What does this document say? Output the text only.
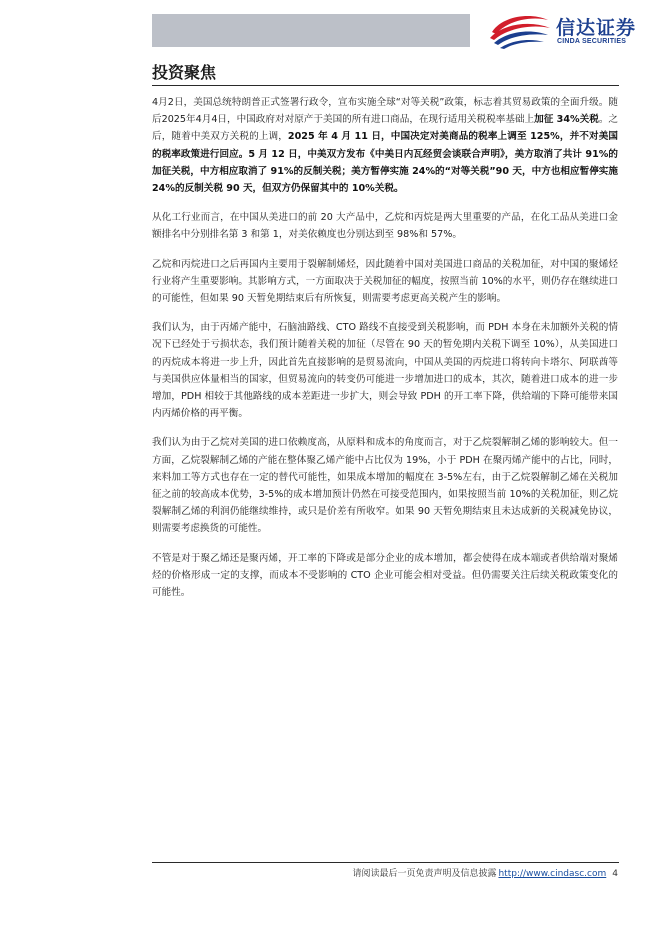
信达证券
CINDA SECURITIES
投资聚焦

4月2日，美国总统特朗普正式签署行政令，宣布实施全球“对等关税”政策，标志着其贸易政策的全面升级。随后2025年4月4日，中国政府对对原产于美国的所有进口商品，在现行适用关税税率基础上加征 34%关税。之后，随着中美双方关税的上调，2025 年 4 月 11 日，中国决定对美商品的税率上调至 125%，并不对美国的税率政策进行回应。5 月 12 日，中美双方发布《中美日内瓦经贸会谈联合声明》，美方取消了共计 91%的加征关税，中方相应取消了 91%的反制关税；美方暂停实施 24%的“对等关税”90 天，中方也相应暂停实施 24%的反制关税 90 天，但双方仍保留其中的 10%关税。

从化工行业而言，在中国从美进口的前 20 大产品中，乙烷和丙烷是两大里重要的产品，在化工品从美进口金额排名中分别排名第 3 和第 1，对美依赖度也分别达到至 98%和 57%。

乙烷和丙烷进口之后再国内主要用于裂解制烯烃，因此随着中国对美国进口商品的关税加征，对中国的聚烯烃行业将产生重要影响。其影响方式，一方面取决于关税加征的幅度，按照当前 10%的水平，则仍存在继续进口的可能性，但如果 90 天暂免期结束后有所恢复，则需要考虑更高关税产生的影响。

我们认为，由于丙烯产能中，石脑油路线、CTO 路线不直接受到关税影响，而 PDH 本身在未加额外关税的情况下已经处于亏损状态，我们预计随着关税的加征（尽管在 90 天的暂免期内关税下调至 10%），从美国进口的丙烷成本将进一步上升，因此首先直接影响的是贸易流向，中国从美国的丙烷进口将转向卡塔尔、阿联酋等与美国供应体量相当的国家，但贸易流向的转变仍可能进一步增加进口的成本，其次，随着进口成本的进一步增加，PDH 相较于其他路线的成本差距进一步扩大，则会导致 PDH 的开工率下降，供给端的下降可能带来国内丙烯价格的再平衡。

我们认为由于乙烷对美国的进口依赖度高，从原料和成本的角度而言，对于乙烷裂解制乙烯的影响较大。但一方面，乙烷裂解制乙烯的产能在整体聚乙烯产能中占比仅为 19%，小于 PDH 在聚丙烯产能中的占比，同时，来料加工等方式也存在一定的替代可能性，如果成本增加的幅度在 3-5%左右，由于乙烷裂解制乙烯在关税加征之前的较高成本优势，3-5%的成本增加预计仍然在可接受范围内，如果按照当前 10%的关税加征，则乙烷裂解制乙烯的利润仍能继续维持，或只是价差有所收窄。如果 90 天暂免期结束且未达成新的关税减免协议，则需要考虑换货的可能性。

不管是对于聚乙烯还是聚丙烯，开工率的下降或是部分企业的成本增加，都会使得在成本端或者供给端对聚烯烃的价格形成一定的支撑，而成本不受影响的 CTO 企业可能会相对受益。但仍需要关注后续关税政策变化的可能性。

请阅读最后一页免责声明及信息披露 http://www.cindasc.com 4
